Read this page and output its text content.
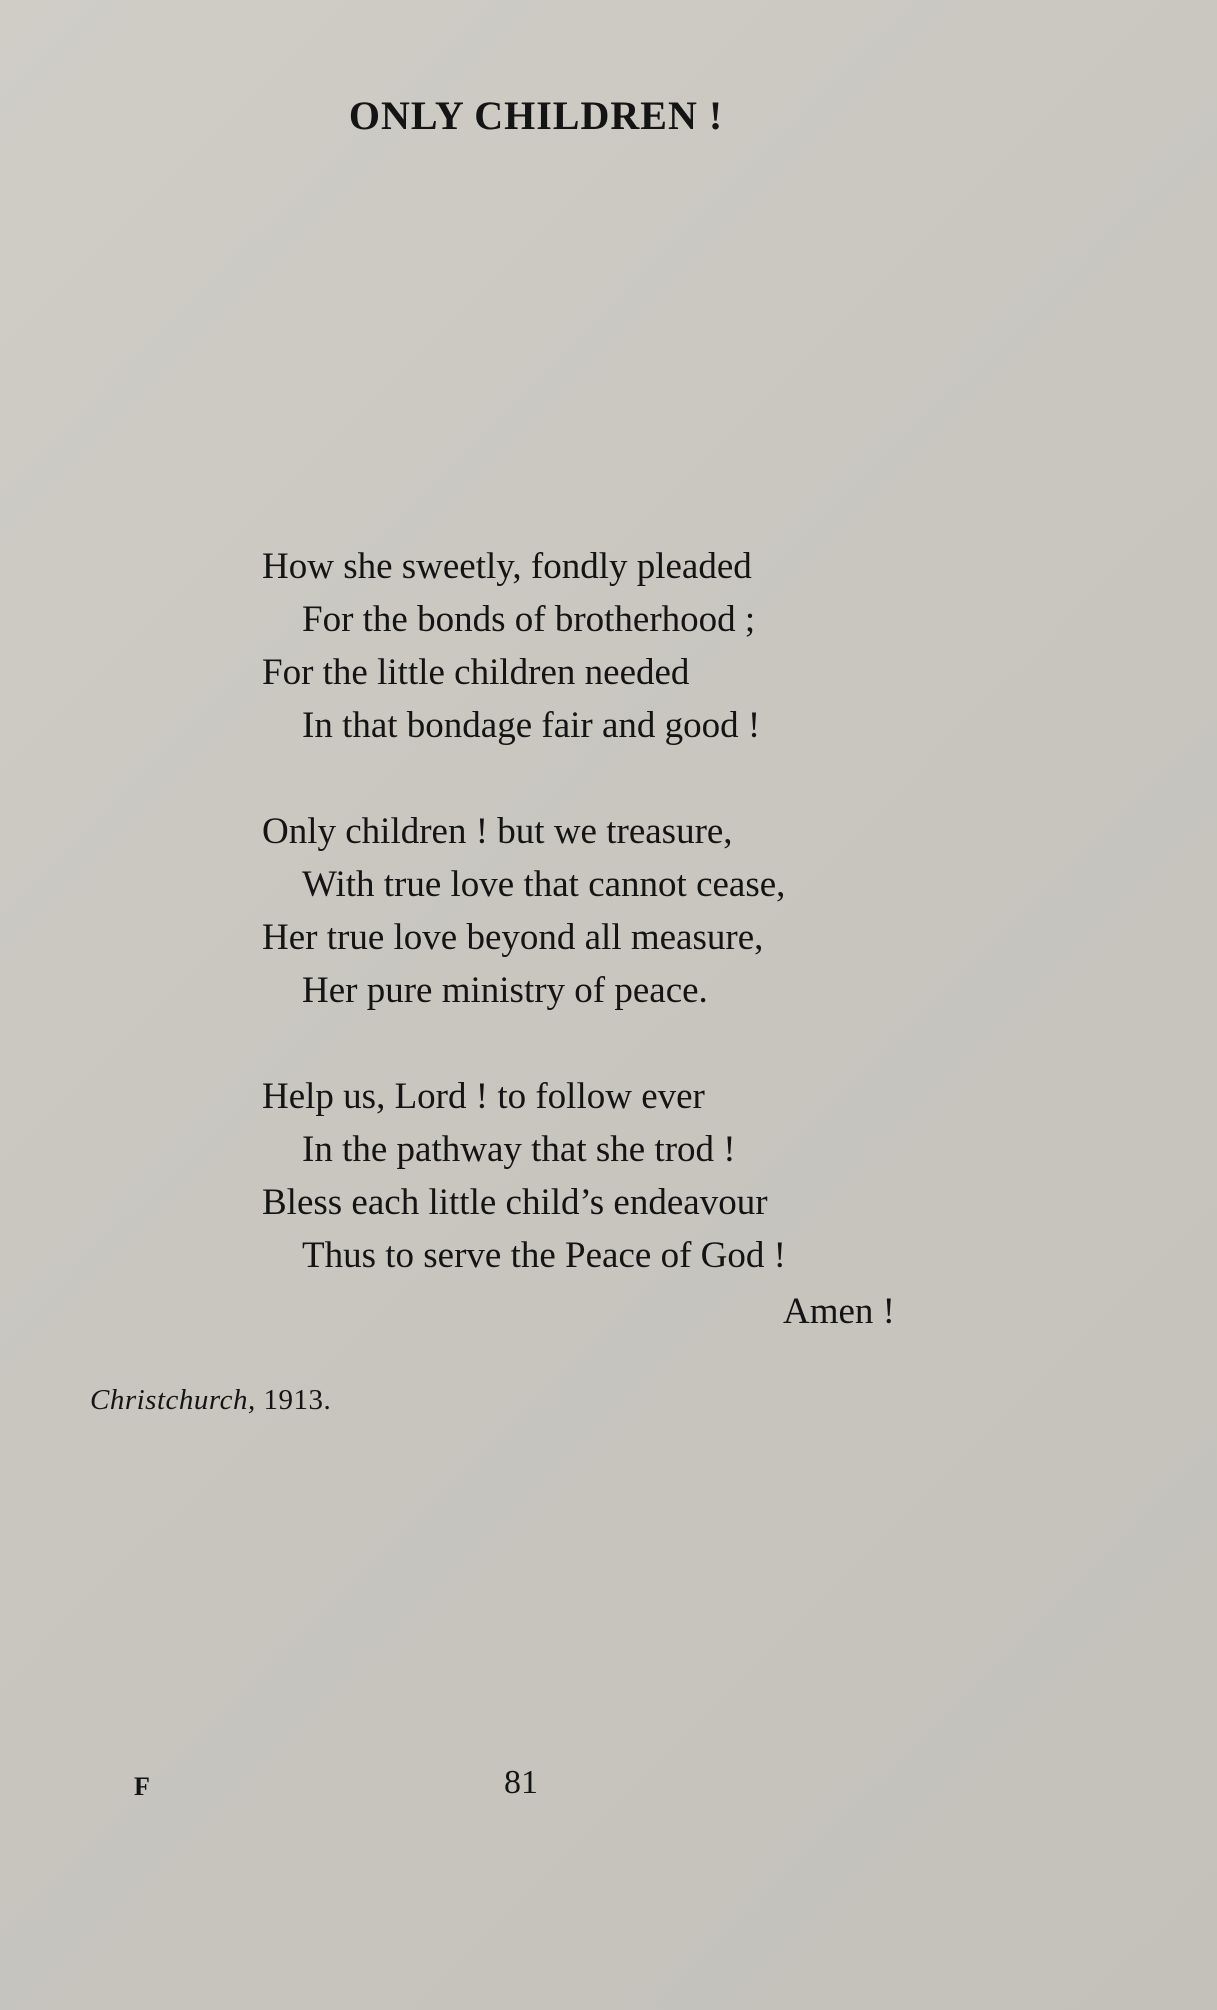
ONLY CHILDREN !
How she sweetly, fondly pleaded
For the bonds of brotherhood ;
For the little children needed
In that bondage fair and good !
Only children ! but we treasure,
With true love that cannot cease,
Her true love beyond all measure,
Her pure ministry of peace.
Help us, Lord ! to follow ever
In the pathway that she trod !
Bless each little child’s endeavour
Thus to serve the Peace of God !
Amen !
Christchurch, 1913.
F	81
